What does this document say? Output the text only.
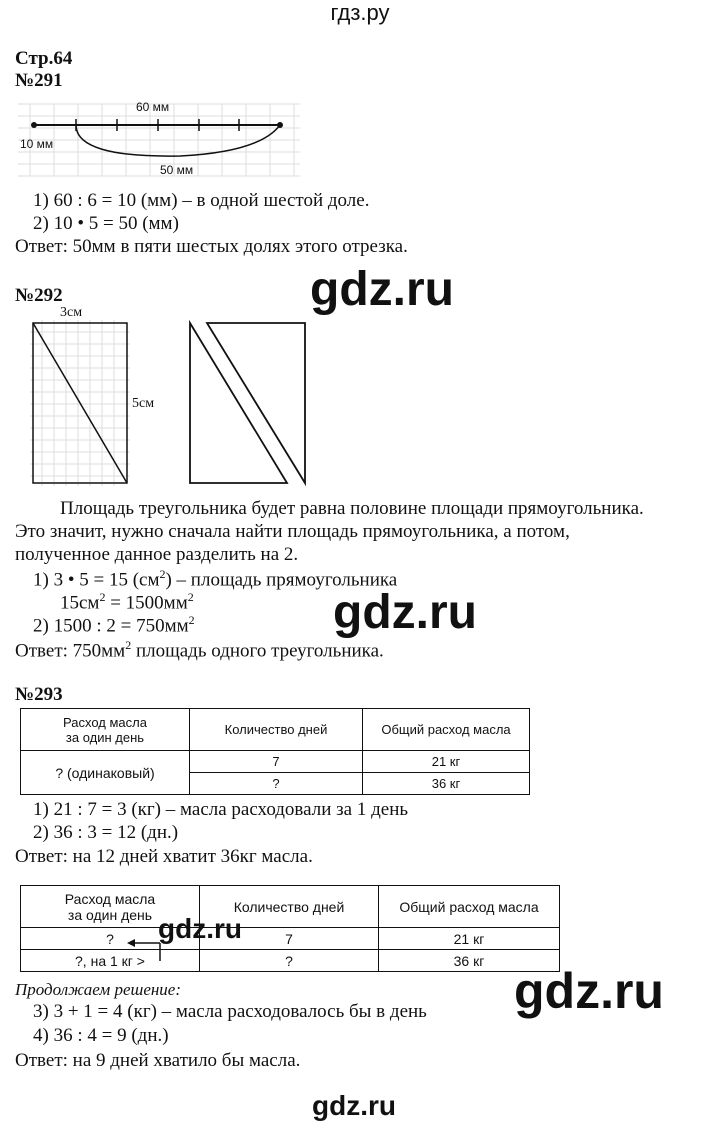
гдз.ру
Стр.64
№291
60 мм
10 мм
50 мм
1) 60 : 6 = 10 (мм) – в одной шестой доле.
2) 10 • 5 = 50 (мм)
Ответ: 50мм в пяти шестых долях этого отрезка.
№292	gdz.ru
3см
5см
Площадь треугольника будет равна половине площади прямоугольника.
Это значит, нужно сначала найти площадь прямоугольника, а потом,
полученное данное разделить на 2.
1) 3 • 5 = 15 $(см^2)$ – площадь прямоугольника
$15см^2 = 1500мм^2$
2) 1500 : $2 = 750мм^2$
Ответ: $750мм^2$ площадь одного треугольника.
gdz.ru
№293
Расход масла
за один день	Количество дней	Общий расход масла
? (одинаковый)	7	21 кг
	?	36 кг
1) 21 : 7 = 3 (кг) – масла расходовали за 1 день
2) 36 : 3 = 12 (дн.)
Ответ: на 12 дней хватит 36кг масла.
Расход масла
за один день	Количество дней	Общий расход масла
?	7	21 кг
?, на 1 кг >	?	36 кг
gdz.ru
Продолжаем решение:
3) 3 + 1 = 4 (кг) – масла расходовалось бы в день
4) 36 : 4 = 9 (дн.)
Ответ: на 9 дней хватило бы масла.
gdz.ru
gdz.ru
